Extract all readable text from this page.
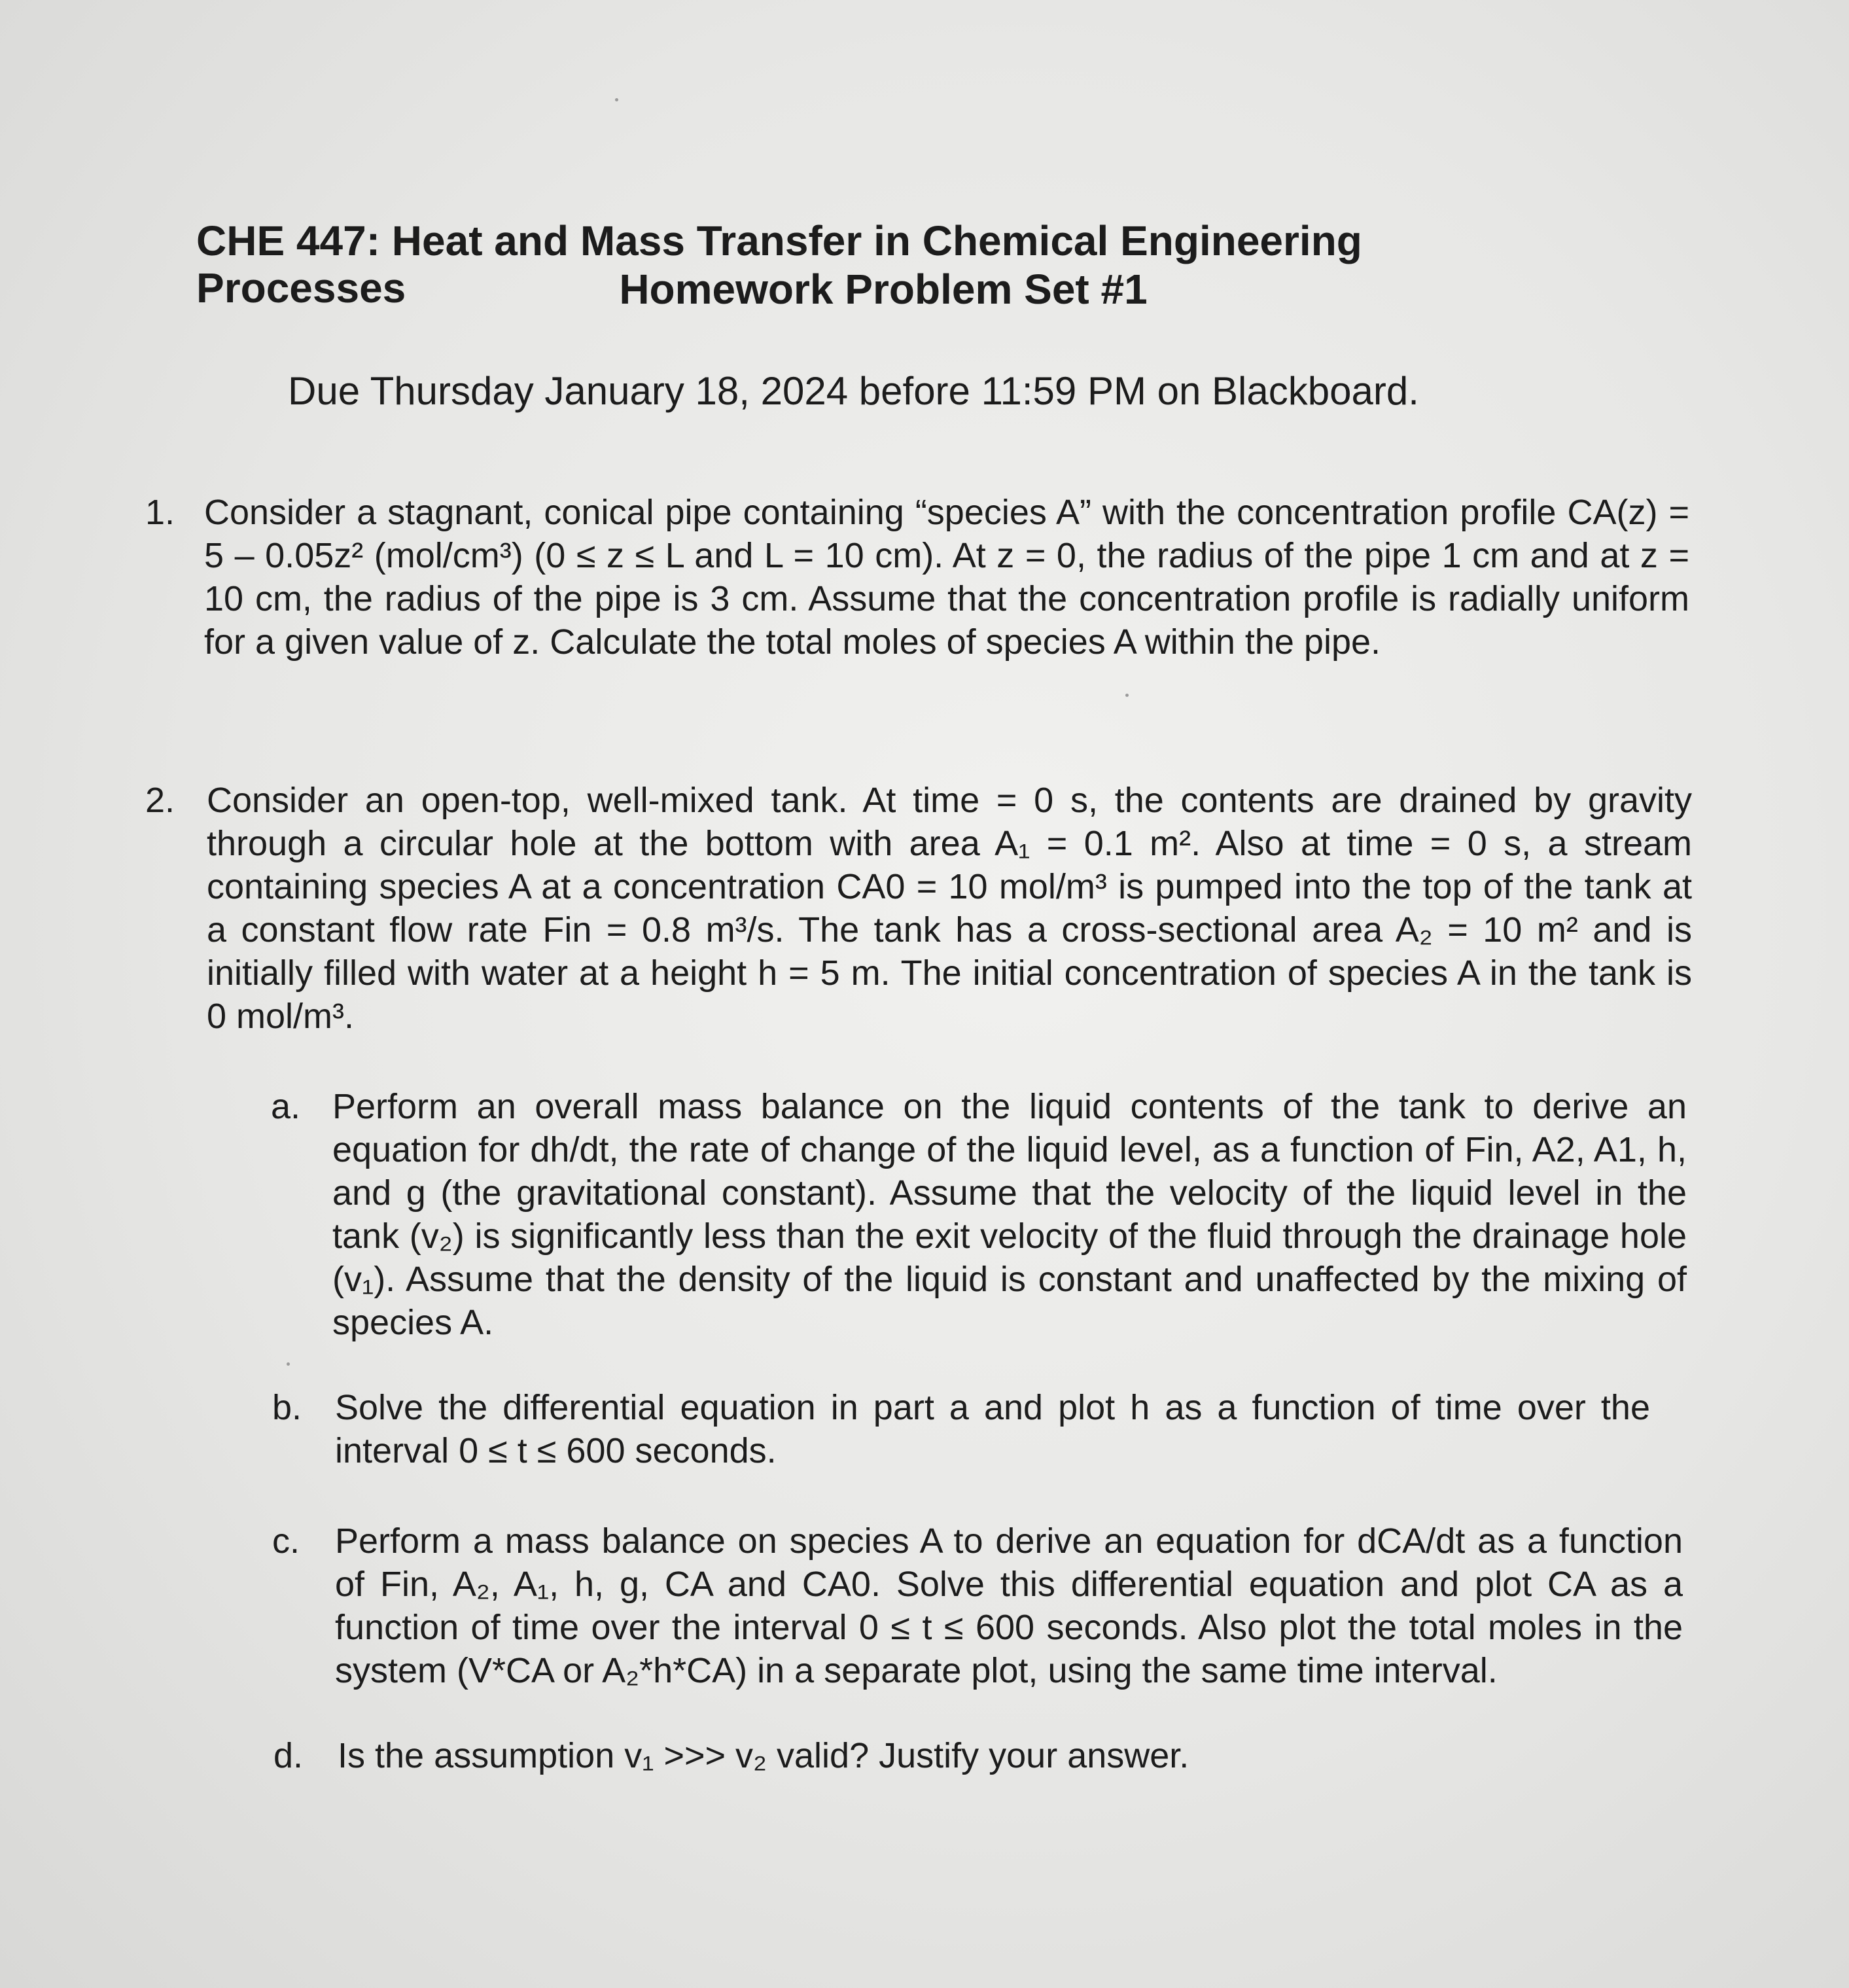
CHE 447: Heat and Mass Transfer in Chemical Engineering Processes	Homework Problem Set #1
Due Thursday January 18, 2024 before 11:59 PM on Blackboard.
1. Consider a stagnant, conical pipe containing “species A” with the concentration profile CA(z) = 5 – 0.05z² (mol/cm³) (0 ≤ z ≤ L and L = 10 cm). At z = 0, the radius of the pipe 1 cm and at z = 10 cm, the radius of the pipe is 3 cm. Assume that the concentration profile is radially uniform for a given value of z. Calculate the total moles of species A within the pipe.
2. Consider an open-top, well-mixed tank. At time = 0 s, the contents are drained by gravity through a circular hole at the bottom with area A₁ = 0.1 m². Also at time = 0 s, a stream containing species A at a concentration CA0 = 10 mol/m³ is pumped into the top of the tank at a constant flow rate Fin = 0.8 m³/s. The tank has a cross-sectional area A₂ = 10 m² and is initially filled with water at a height h = 5 m. The initial concentration of species A in the tank is 0 mol/m³.
a. Perform an overall mass balance on the liquid contents of the tank to derive an equation for dh/dt, the rate of change of the liquid level, as a function of Fin, A2, A1, h, and g (the gravitational constant). Assume that the velocity of the liquid level in the tank (v₂) is significantly less than the exit velocity of the fluid through the drainage hole (v₁). Assume that the density of the liquid is constant and unaffected by the mixing of species A.
b. Solve the differential equation in part a and plot h as a function of time over the interval 0 ≤ t ≤ 600 seconds.
c. Perform a mass balance on species A to derive an equation for dCA/dt as a function of Fin, A₂, A₁, h, g, CA and CA0. Solve this differential equation and plot CA as a function of time over the interval 0 ≤ t ≤ 600 seconds. Also plot the total moles in the system (V*CA or A₂*h*CA) in a separate plot, using the same time interval.
d. Is the assumption v₁ >>> v₂ valid? Justify your answer.
